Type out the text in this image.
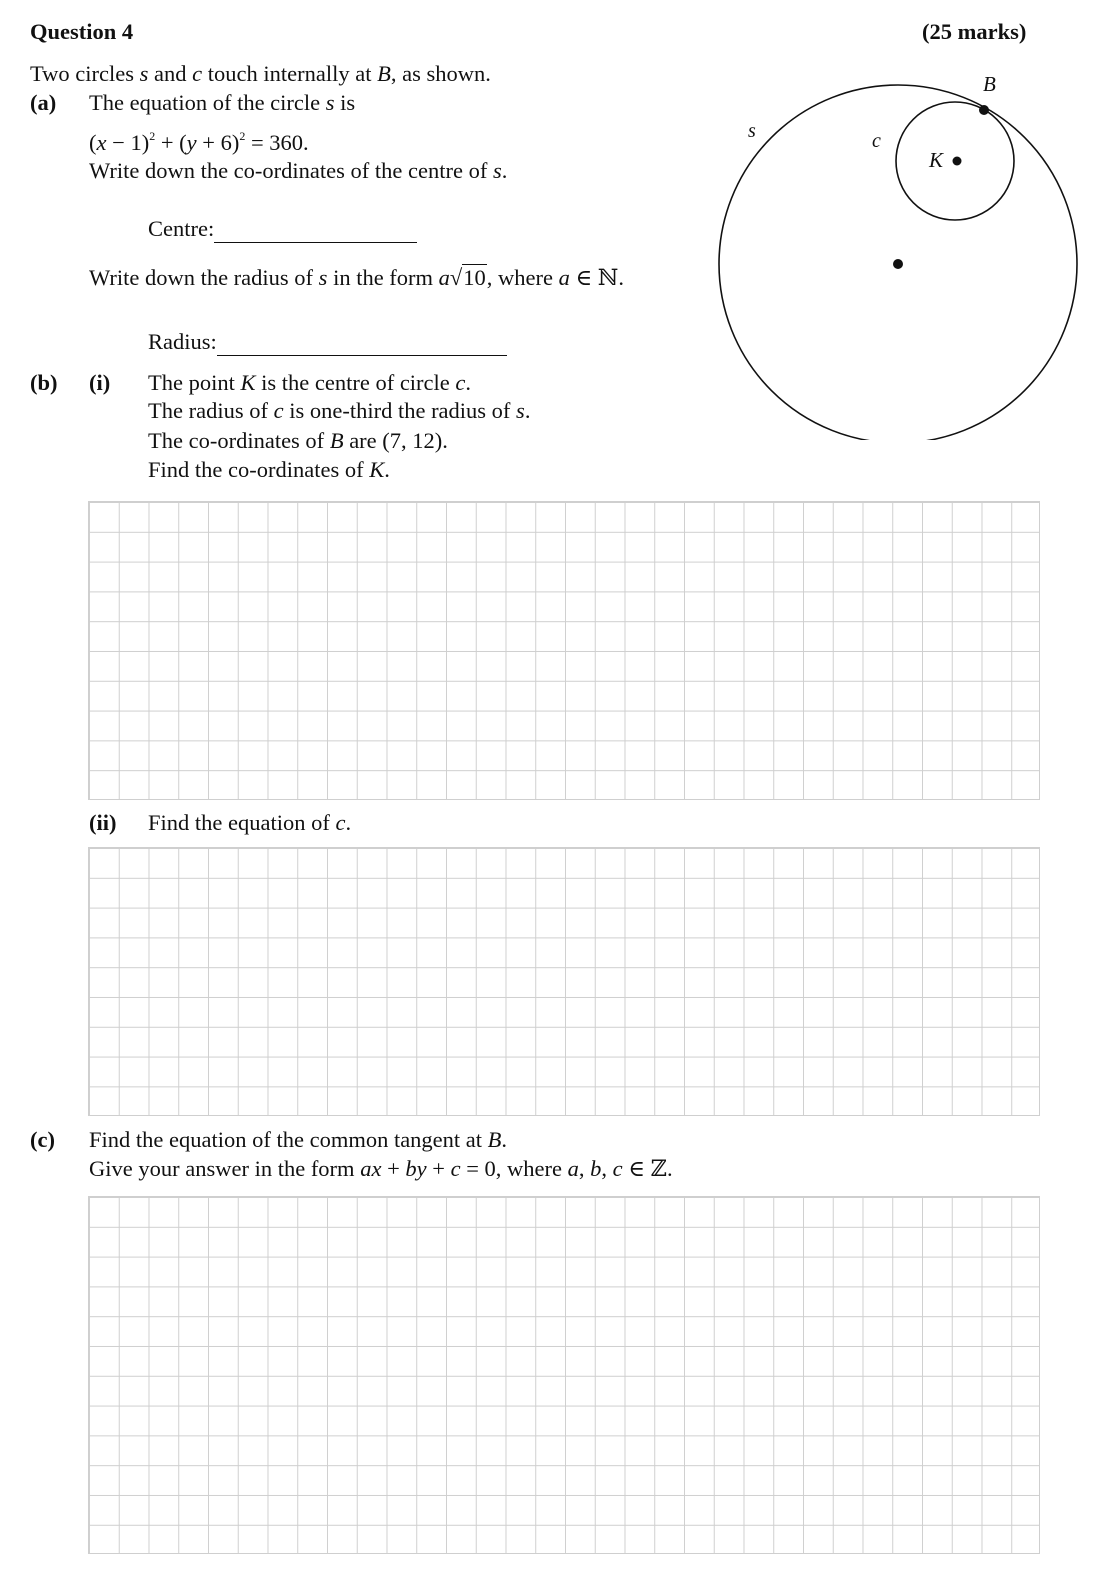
Question 4	(25 marks)
Two circles s and c touch internally at B, as shown.
(a) The equation of the circle s is
$(x - 1)^2 + (y + 6)^2 = 360$.
Write down the co-ordinates of the centre of s.
Centre:
Write down the radius of s in the form a√10, where a ∈ ℕ.
Radius:
(b) (i) The point K is the centre of circle c.
The radius of c is one-third the radius of s.
The co-ordinates of B are (7, 12).
Find the co-ordinates of K.
(ii) Find the equation of c.
(c) Find the equation of the common tangent at B.
Give your answer in the form ax + by + c = 0, where a, b, c ∈ ℤ.
s	c
B
K
